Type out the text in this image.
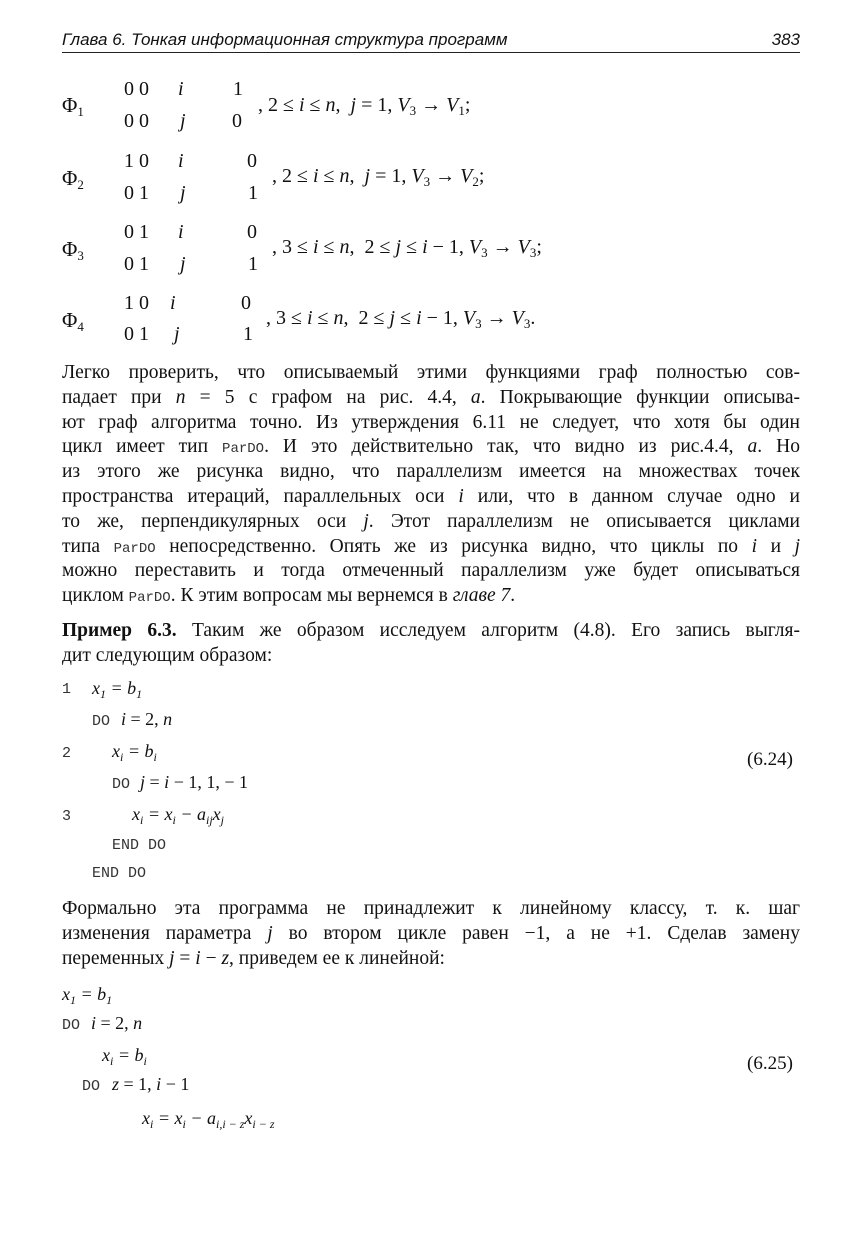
Глава 6. Тонкая информационная структура программ	383
$\Phi_1$
0 0 i 1
0 0 j 0
, 2 ≤ i ≤ n,  j = 1, $V_3 \to V_1$;
$\Phi_2$
1 0 i	0
0 1 j	1
, 2 ≤ i ≤ n,  j = 1, $V_3 \to V_2$;
$\Phi_3$
0 1 i	0
0 1 j	1
, 3 ≤ i ≤ n,  2 ≤ j ≤ i − 1, $V_3 \to V_3$;
$\Phi_4$
1 0 i	0
0 1 j	1
, 3 ≤ i ≤ n,  2 ≤ j ≤ i − 1, $V_3 \to V_3$.
Легко проверить, что описываемый этими функциями граф полностью сов-
падает при n = 5 с графом на рис. 4.4, а. Покрывающие функции описыва-
ют граф алгоритма точно. Из утверждения 6.11 не следует, что хотя бы один
цикл имеет тип ParDO. И это действительно так, что видно из рис.4.4, а. Но
из этого же рисунка видно, что параллелизм имеется на множествах точек
пространства итераций, параллельных оси i или, что в данном случае одно и
то же, перпендикулярных оси j. Этот параллелизм не описывается циклами
типа ParDO непосредственно. Опять же из рисунка видно, что циклы по i и j
можно переставить и тогда отмеченный параллелизм уже будет описываться
циклом ParDO. К этим вопросам мы вернемся в главе 7.
Пример 6.3. Таким же образом исследуем алгоритм (4.8). Его запись выгля-
дит следующим образом:
1 $x_1 = b_1$
DO i = 2, n
2 $x_i = b_i$
DO j = i − 1, 1, − 1
3	$x_i = x_i - a_{ij}x_j$
END DO
END DO
(6.24)
Формально эта программа не принадлежит к линейному классу, т. к. шаг
изменения параметра j во втором цикле равен −1, а не +1. Сделав замену
переменных j = i − z, приведем ее к линейной:
$x_1 = b_1$
DO i = 2, n
$x_i = b_i$
DO z = 1, i − 1
$x_i = x_i - a_{i,i - z}x_{i - z}$
(6.25)
